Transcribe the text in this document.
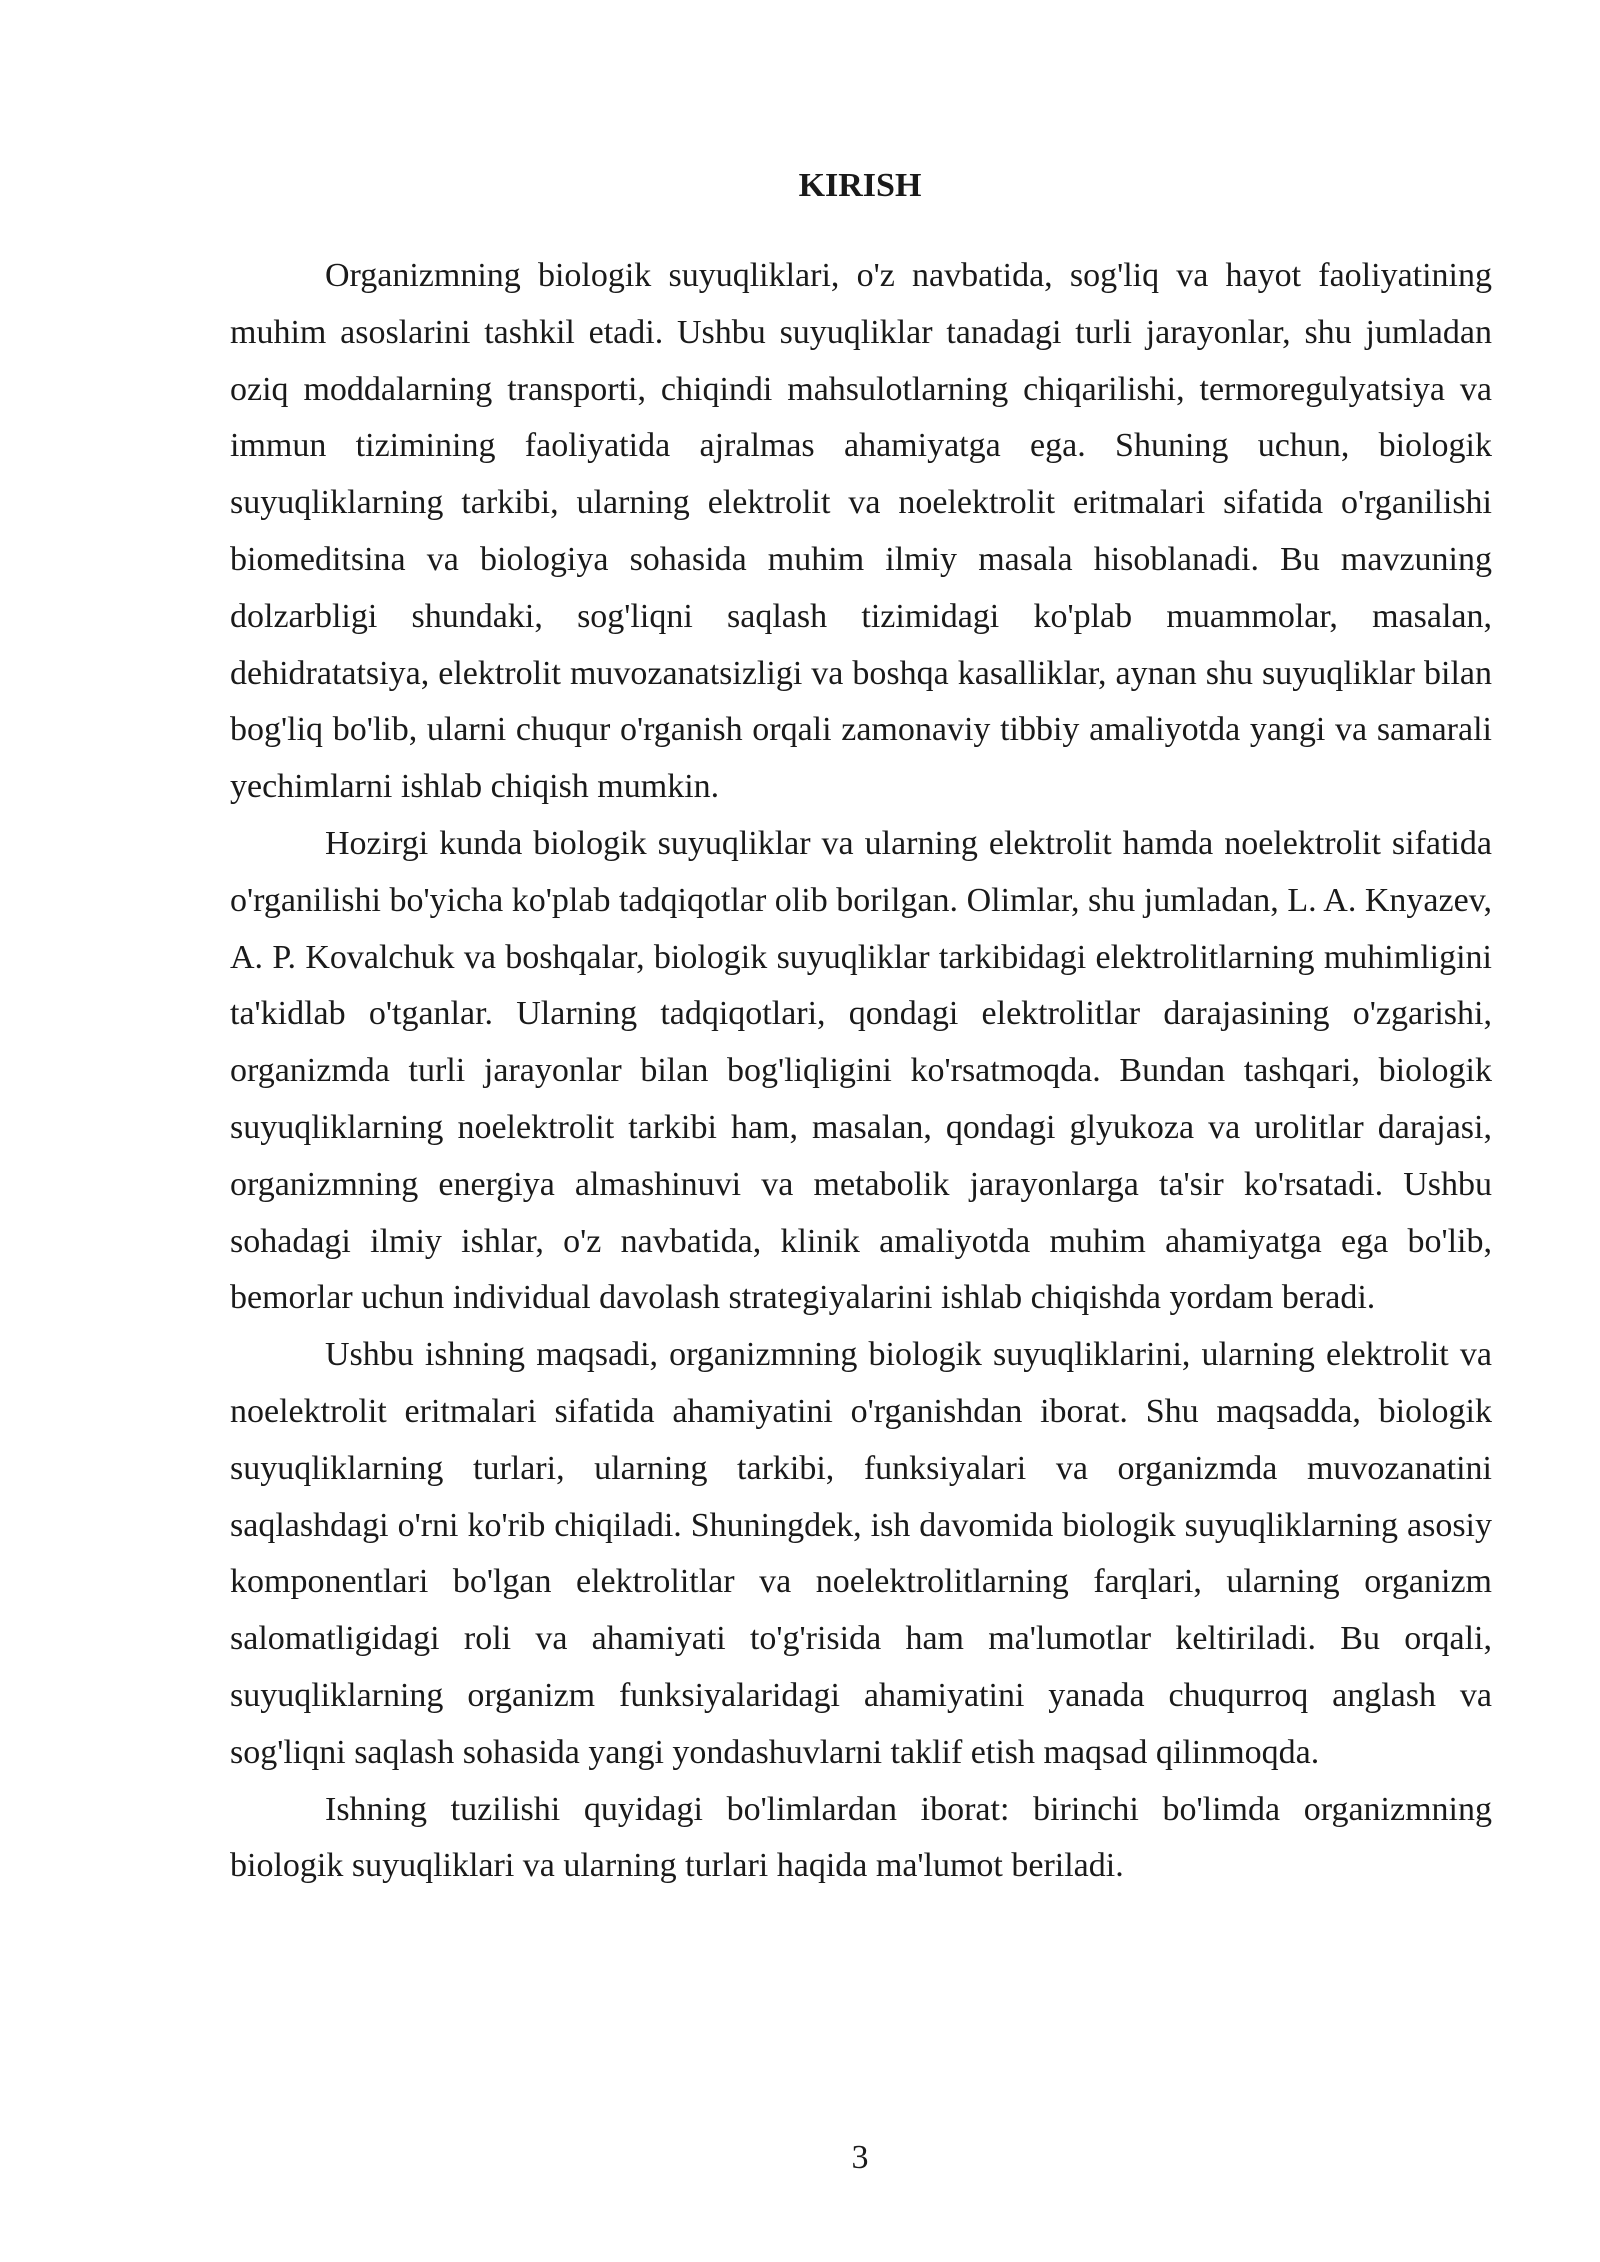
KIRISH

Organizmning biologik suyuqliklari, o'z navbatida, sog'liq va hayot faoliyatining muhim asoslarini tashkil etadi. Ushbu suyuqliklar tanadagi turli jarayonlar, shu jumladan oziq moddalarning transporti, chiqindi mahsulotlarning chiqarilishi, termoregulyatsiya va immun tizimining faoliyatida ajralmas ahamiyatga ega. Shuning uchun, biologik suyuqliklarning tarkibi, ularning elektrolit va noelektrolit eritmalari sifatida o'rganilishi biomeditsina va biologiya sohasida muhim ilmiy masala hisoblanadi. Bu mavzuning dolzarbligi shundaki, sog'liqni saqlash tizimidagi ko'plab muammolar, masalan, dehidratatsiya, elektrolit muvozanatsizligi va boshqa kasalliklar, aynan shu suyuqliklar bilan bog'liq bo'lib, ularni chuqur o'rganish orqali zamonaviy tibbiy amaliyotda yangi va samarali yechimlarni ishlab chiqish mumkin.

Hozirgi kunda biologik suyuqliklar va ularning elektrolit hamda noelektrolit sifatida o'rganilishi bo'yicha ko'plab tadqiqotlar olib borilgan. Olimlar, shu jumladan, L. A. Knyazev, A. P. Kovalchuk va boshqalar, biologik suyuqliklar tarkibidagi elektrolitlarning muhimligini ta'kidlab o'tganlar. Ularning tadqiqotlari, qondagi elektrolitlar darajasining o'zgarishi, organizmda turli jarayonlar bilan bog'liqligini ko'rsatmoqda. Bundan tashqari, biologik suyuqliklarning noelektrolit tarkibi ham, masalan, qondagi glyukoza va urolitlar darajasi, organizmning energiya almashinuvi va metabolik jarayonlarga ta'sir ko'rsatadi. Ushbu sohadagi ilmiy ishlar, o'z navbatida, klinik amaliyotda muhim ahamiyatga ega bo'lib, bemorlar uchun individual davolash strategiyalarini ishlab chiqishda yordam beradi.

Ushbu ishning maqsadi, organizmning biologik suyuqliklarini, ularning elektrolit va noelektrolit eritmalari sifatida ahamiyatini o'rganishdan iborat. Shu maqsadda, biologik suyuqliklarning turlari, ularning tarkibi, funksiyalari va organizmda muvozanatini saqlashdagi o'rni ko'rib chiqiladi. Shuningdek, ish davomida biologik suyuqliklarning asosiy komponentlari bo'lgan elektrolitlar va noelektrolitlarning farqlari, ularning organizm salomatligidagi roli va ahamiyati to'g'risida ham ma'lumotlar keltiriladi. Bu orqali, suyuqliklarning organizm funksiyalaridagi ahamiyatini yanada chuqurroq anglash va sog'liqni saqlash sohasida yangi yondashuvlarni taklif etish maqsad qilinmoqda.

Ishning tuzilishi quyidagi bo'limlardan iborat: birinchi bo'limda organizmning biologik suyuqliklari va ularning turlari haqida ma'lumot beriladi.

3
